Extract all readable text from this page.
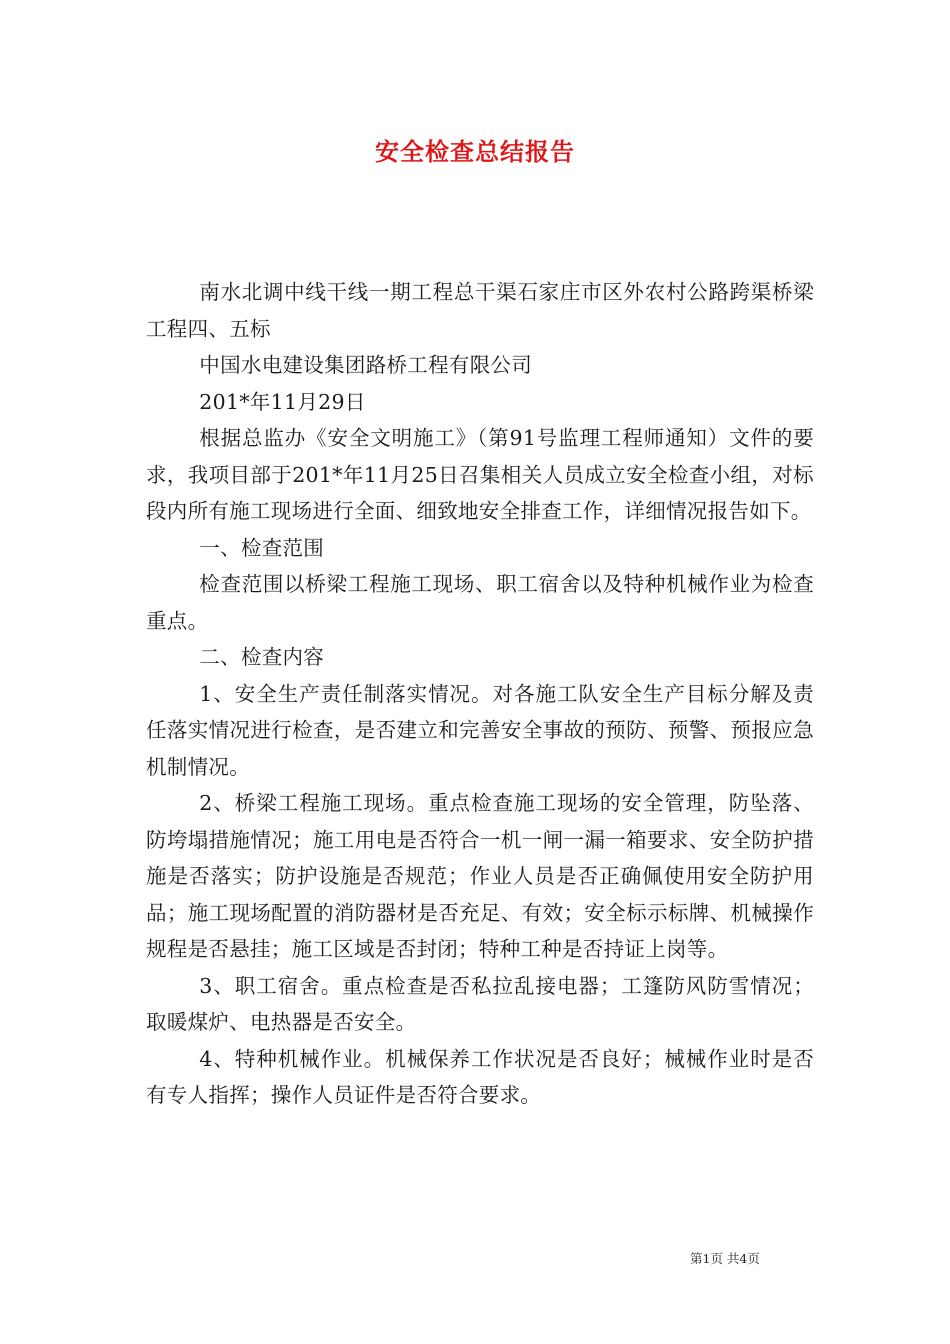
安全检查总结报告

南水北调中线干线一期工程总干渠石家庄市区外农村公路跨渠桥梁工程四、五标

中国水电建设集团路桥工程有限公司

201*年11月29日

根据总监办《安全文明施工》（第91号监理工程师通知）文件的要求，我项目部于201*年11月25日召集相关人员成立安全检查小组，对标段内所有施工现场进行全面、细致地安全排查工作，详细情况报告如下。

一、检查范围

检查范围以桥梁工程施工现场、职工宿舍以及特种机械作业为检查重点。

二、检查内容

1、安全生产责任制落实情况。对各施工队安全生产目标分解及责任落实情况进行检查，是否建立和完善安全事故的预防、预警、预报应急机制情况。

2、桥梁工程施工现场。重点检查施工现场的安全管理，防坠落、防垮塌措施情况；施工用电是否符合一机一闸一漏一箱要求、安全防护措施是否落实；防护设施是否规范；作业人员是否正确佩使用安全防护用品；施工现场配置的消防器材是否充足、有效；安全标示标牌、机械操作规程是否悬挂；施工区域是否封闭；特种工种是否持证上岗等。

3、职工宿舍。重点检查是否私拉乱接电器；工篷防风防雪情况；取暖煤炉、电热器是否安全。

4、特种机械作业。机械保养工作状况是否良好；械械作业时是否有专人指挥；操作人员证件是否符合要求。

第1页 共4页
